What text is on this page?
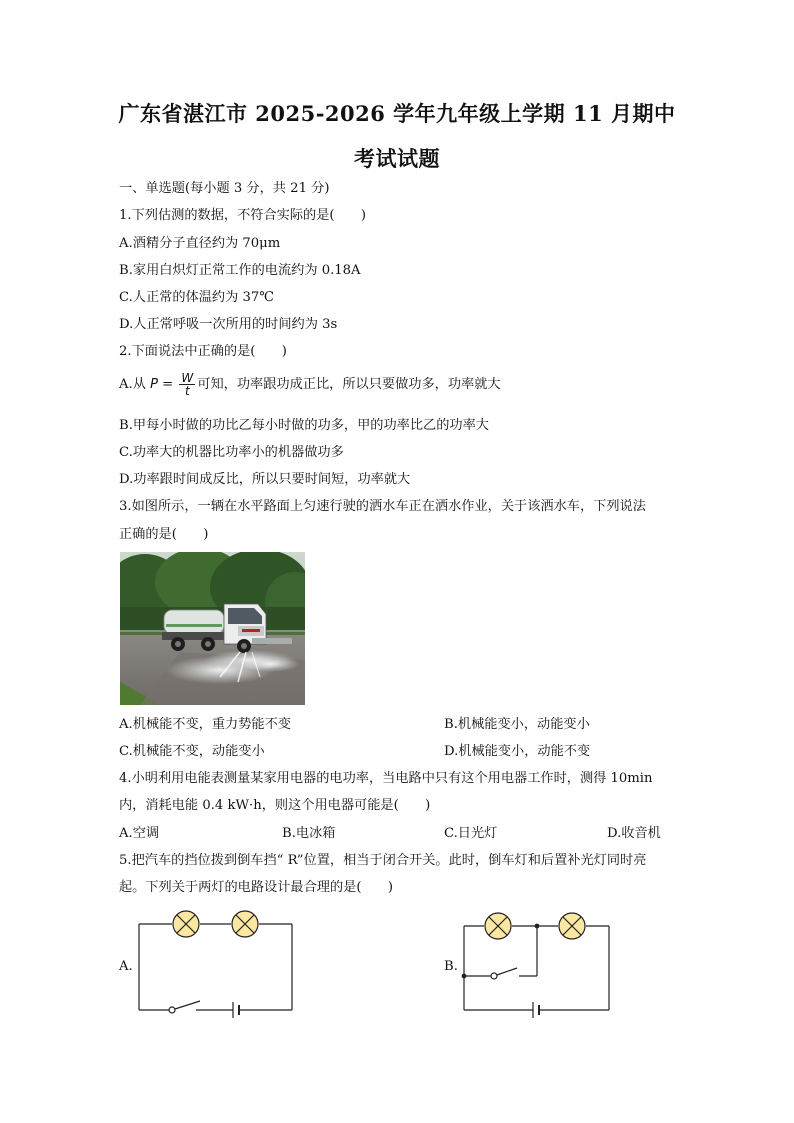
广东省湛江市 2025-2026 学年九年级上学期 11 月期中
考试试题
一、单选题(每小题 3 分，共 21 分)
1.下列估测的数据，不符合实际的是(　　)
A.酒精分子直径约为 70μm
B.家用白炽灯正常工作的电流约为 0.18A
C.人正常的体温约为 37℃
D.人正常呼吸一次所用的时间约为 3s
2.下面说法中正确的是(　　)
A.从 $P = \frac{W}{t}$ 可知，功率跟功成正比，所以只要做功多，功率就大
B.甲每小时做的功比乙每小时做的功多，甲的功率比乙的功率大
C.功率大的机器比功率小的机器做功多
D.功率跟时间成反比，所以只要时间短，功率就大
3.如图所示，一辆在水平路面上匀速行驶的洒水车正在洒水作业，关于该洒水车，下列说法
正确的是(　　)
A.机械能不变，重力势能不变	B.机械能变小，动能变小
C.机械能不变，动能变小	D.机械能变小，动能不变
4.小明利用电能表测量某家用电器的电功率，当电路中只有这个用电器工作时，测得 10min
内，消耗电能 0.4 kW·h，则这个用电器可能是(　　)
A.空调	B.电冰箱	C.日光灯	D.收音机
5.把汽车的挡位拨到倒车挡“ R”位置，相当于闭合开关。此时，倒车灯和后置补光灯同时亮
起。下列关于两灯的电路设计最合理的是(　　)
A.	B.
